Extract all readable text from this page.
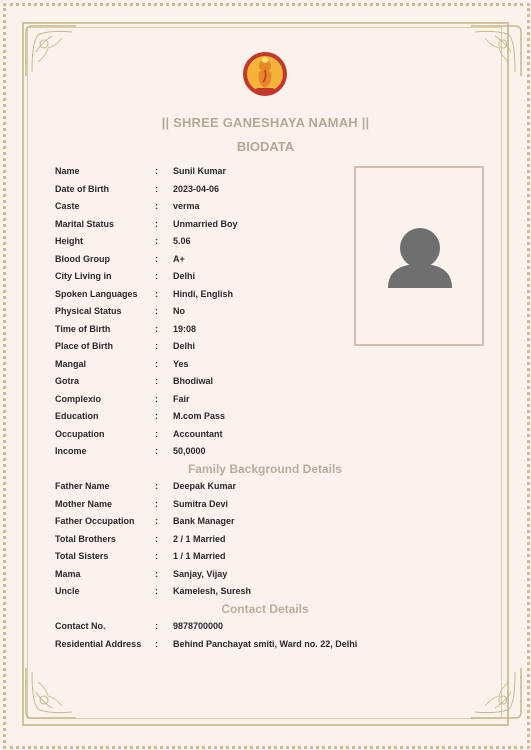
|| SHREE GANESHAYA NAMAH ||
BIODATA
Name	: Sunil Kumar
Date of Birth	: 2023-04-06
Caste	: verma
Marital Status	: Unmarried Boy
Height	: 5.06
Blood Group	: A+
City Living in	: Delhi
Spoken Languages : Hindi, English
Physical Status	: No
Time of Birth	: 19:08
Place of Birth	: Delhi
Mangal	: Yes
Gotra	: Bhodiwal
Complexio	: Fair
Education	: M.com Pass
Occupation	: Accountant
Income	: 50,0000
Family Background Details
Father Name	: Deepak Kumar
Mother Name	: Sumitra Devi
Father Occupation : Bank Manager
Total Brothers	: 2 / 1 Married
Total Sisters	: 1 / 1 Married
Mama	: Sanjay, Vijay
Uncle	: Kamelesh, Suresh
Contact Details
Contact No.	: 9878700000
Residential Address : Behind Panchayat smiti, Ward no. 22, Delhi
